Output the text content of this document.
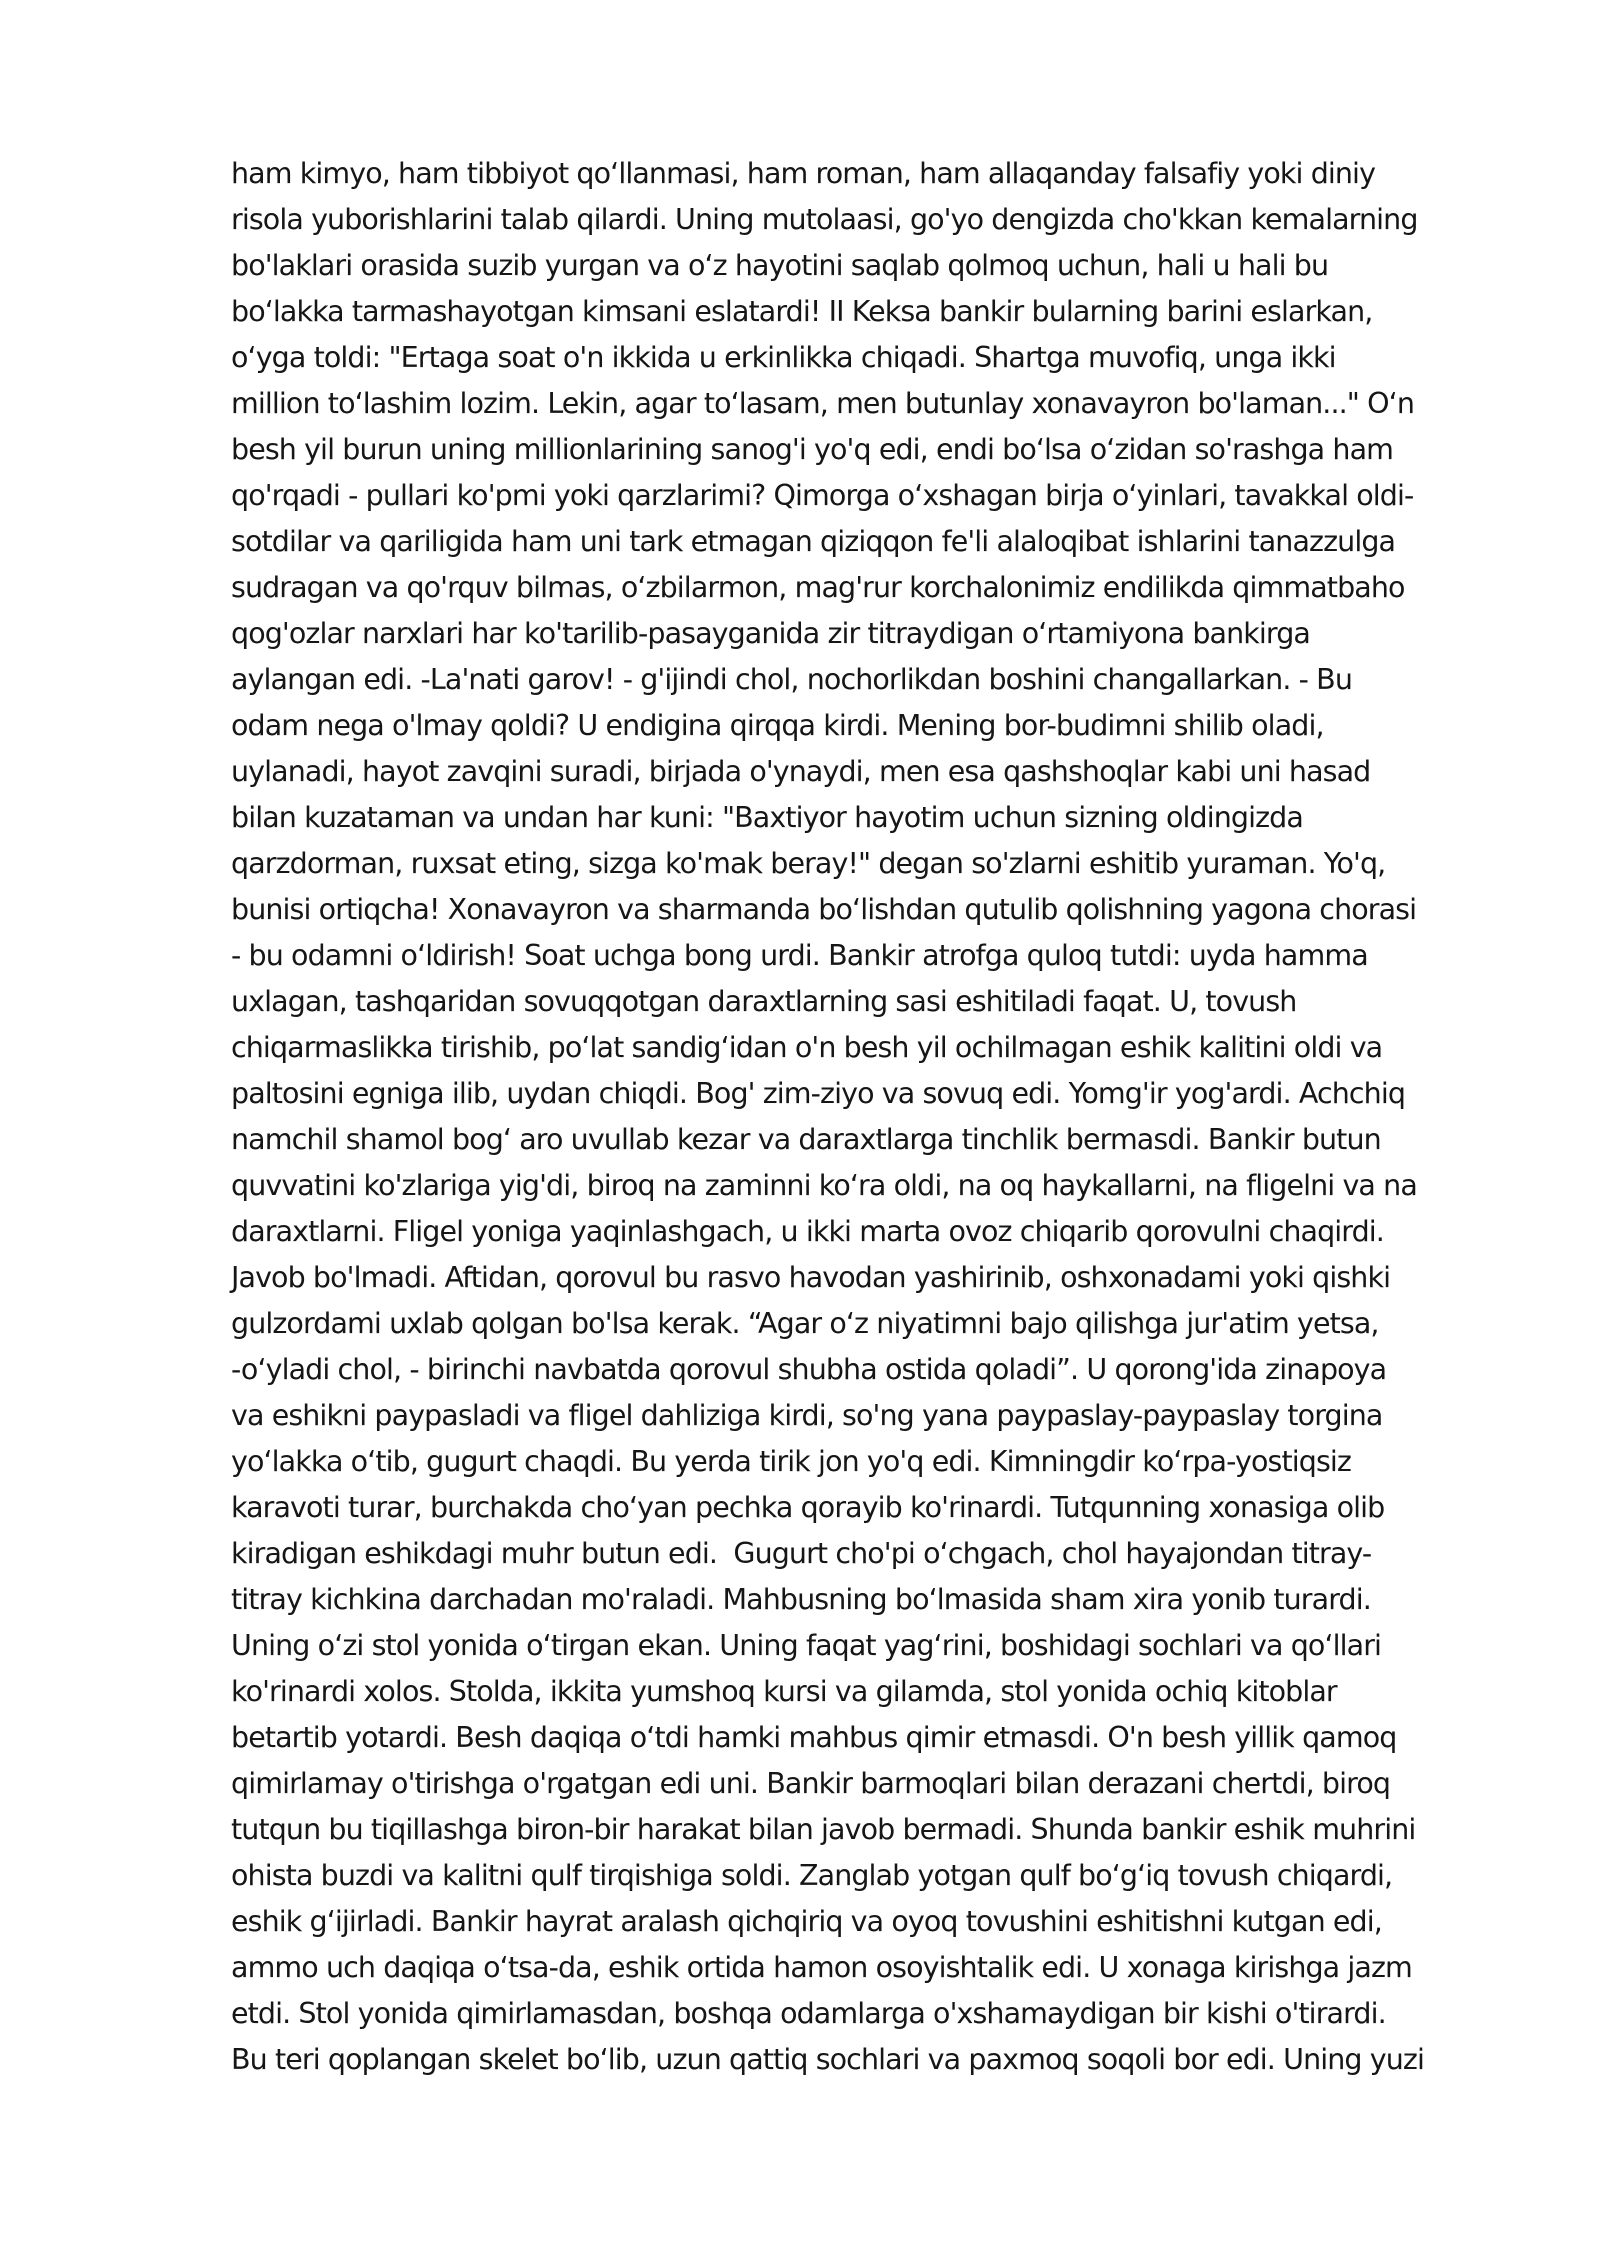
ham kimyo, ham tibbiyot qo‘llanmasi, ham roman, ham allaqanday falsafiy yoki diniy
risola yuborishlarini talab qilardi. Uning mutolaasi, go'yo dengizda cho'kkan kemalarning
bo'laklari orasida suzib yurgan va o‘z hayotini saqlab qolmoq uchun, hali u hali bu
bo‘lakka tarmashayotgan kimsani eslatardi! II Keksa bankir bularning barini eslarkan,
o‘yga toldi: "Ertaga soat o'n ikkida u erkinlikka chiqadi. Shartga muvofiq, unga ikki
million to‘lashim lozim. Lekin, agar to‘lasam, men butunlay xonavayron bo'laman..." O‘n
besh yil burun uning millionlarining sanog'i yo'q edi, endi bo‘lsa o‘zidan so'rashga ham
qo'rqadi - pullari ko'pmi yoki qarzlarimi? Qimorga o‘xshagan birja o‘yinlari, tavakkal oldi-
sotdilar va qariligida ham uni tark etmagan qiziqqon fe'li alaloqibat ishlarini tanazzulga
sudragan va qo'rquv bilmas, o‘zbilarmon, mag'rur korchalonimiz endilikda qimmatbaho
qog'ozlar narxlari har ko'tarilib-pasayganida zir titraydigan o‘rtamiyona bankirga
aylangan edi. -La'nati garov! - g'ijindi chol, nochorlikdan boshini changallarkan. - Bu
odam nega o'lmay qoldi? U endigina qirqqa kirdi. Mening bor-budimni shilib oladi,
uylanadi, hayot zavqini suradi, birjada o'ynaydi, men esa qashshoqlar kabi uni hasad
bilan kuzataman va undan har kuni: "Baxtiyor hayotim uchun sizning oldingizda
qarzdorman, ruxsat eting, sizga ko'mak beray!" degan so'zlarni eshitib yuraman. Yo'q,
bunisi ortiqcha! Xonavayron va sharmanda bo‘lishdan qutulib qolishning yagona chorasi
- bu odamni o‘ldirish! Soat uchga bong urdi. Bankir atrofga quloq tutdi: uyda hamma
uxlagan, tashqaridan sovuqqotgan daraxtlarning sasi eshitiladi faqat. U, tovush
chiqarmaslikka tirishib, po‘lat sandig‘idan o'n besh yil ochilmagan eshik kalitini oldi va
paltosini egniga ilib, uydan chiqdi. Bog' zim-ziyo va sovuq edi. Yomg'ir yog'ardi. Achchiq
namchil shamol bog‘ aro uvullab kezar va daraxtlarga tinchlik bermasdi. Bankir butun
quvvatini ko'zlariga yig'di, biroq na zaminni ko‘ra oldi, na oq haykallarni, na fligelni va na
daraxtlarni. Fligel yoniga yaqinlashgach, u ikki marta ovoz chiqarib qorovulni chaqirdi.
Javob bo'lmadi. Aftidan, qorovul bu rasvo havodan yashirinib, oshxonadami yoki qishki
gulzordami uxlab qolgan bo'lsa kerak. “Agar o‘z niyatimni bajo qilishga jur'atim yetsa,
-o‘yladi chol, - birinchi navbatda qorovul shubha ostida qoladi”. U qorong'ida zinapoya
va eshikni paypasladi va fligel dahliziga kirdi, so'ng yana paypaslay-paypaslay torgina
yo‘lakka o‘tib, gugurt chaqdi. Bu yerda tirik jon yo'q edi. Kimningdir ko‘rpa-yostiqsiz
karavoti turar, burchakda cho‘yan pechka qorayib ko'rinardi. Tutqunning xonasiga olib
kiradigan eshikdagi muhr butun edi.  Gugurt cho'pi o‘chgach, chol hayajondan titray-
titray kichkina darchadan mo'raladi. Mahbusning bo‘lmasida sham xira yonib turardi.
Uning o‘zi stol yonida o‘tirgan ekan. Uning faqat yag‘rini, boshidagi sochlari va qo‘llari
ko'rinardi xolos. Stolda, ikkita yumshoq kursi va gilamda, stol yonida ochiq kitoblar
betartib yotardi. Besh daqiqa o‘tdi hamki mahbus qimir etmasdi. O'n besh yillik qamoq
qimirlamay o'tirishga o'rgatgan edi uni. Bankir barmoqlari bilan derazani chertdi, biroq
tutqun bu tiqillashga biron-bir harakat bilan javob bermadi. Shunda bankir eshik muhrini
ohista buzdi va kalitni qulf tirqishiga soldi. Zanglab yotgan qulf bo‘g‘iq tovush chiqardi,
eshik g‘ijirladi. Bankir hayrat aralash qichqiriq va oyoq tovushini eshitishni kutgan edi,
ammo uch daqiqa o‘tsa-da, eshik ortida hamon osoyishtalik edi. U xonaga kirishga jazm
etdi. Stol yonida qimirlamasdan, boshqa odamlarga o'xshamaydigan bir kishi o'tirardi.
Bu teri qoplangan skelet bo‘lib, uzun qattiq sochlari va paxmoq soqoli bor edi. Uning yuzi
